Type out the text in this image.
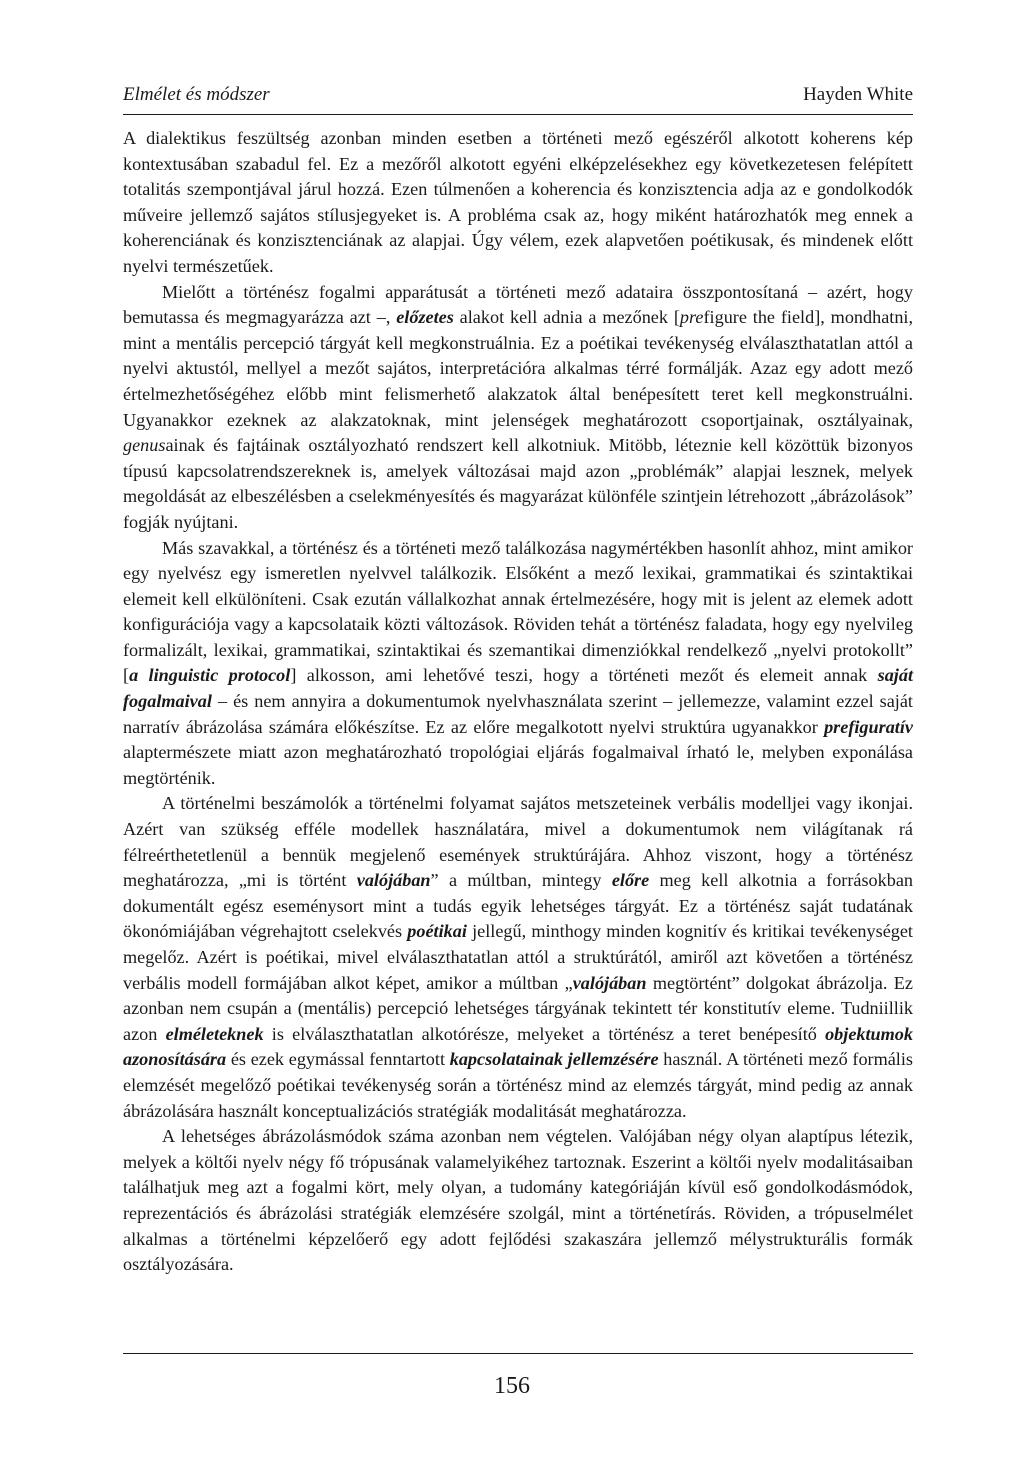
Elmélet és módszer	Hayden White

A dialektikus feszültség azonban minden esetben a történeti mező egészéről alkotott koherens kép kontextusában szabadul fel. Ez a mezőről alkotott egyéni elképzelésekhez egy következetesen felépített totalitás szempontjával járul hozzá. Ezen túlmenően a koherencia és konzisztencia adja az e gondolkodók műveire jellemző sajátos stílusjegyeket is. A probléma csak az, hogy miként határozhatók meg ennek a koherenciának és konzisztenciának az alapjai. Úgy vélem, ezek alapvetően poétikusak, és mindenek előtt nyelvi természetűek.

Mielőtt a történész fogalmi apparátusát a történeti mező adataira összpontosítaná – azért, hogy bemutassa és megmagyarázza azt –, előzetes alakot kell adnia a mezőnek [prefigure the field], mondhatni, mint a mentális percepció tárgyát kell megkonstruálnia. Ez a poétikai tevékenység elválaszthatatlan attól a nyelvi aktustól, mellyel a mezőt sajátos, interpretációra alkalmas térré formálják. Azaz egy adott mező értelmezhetőségéhez előbb mint felismerhető alakzatok által benépesített teret kell megkonstruálni. Ugyanakkor ezeknek az alakzatoknak, mint jelenségek meghatározott csoportjainak, osztályainak, genusainak és fajtáinak osztályozható rendszert kell alkotniuk. Mitöbb, léteznie kell közöttük bizonyos típusú kapcsolatrendszereknek is, amelyek változásai majd azon „problémák” alapjai lesznek, melyek megoldását az elbeszélésben a cselekményesítés és magyarázat különféle szintjein létrehozott „ábrázolások” fogják nyújtani.

Más szavakkal, a történész és a történeti mező találkozása nagymértékben hasonlít ahhoz, mint amikor egy nyelvész egy ismeretlen nyelvvel találkozik. Elsőként a mező lexikai, grammatikai és szintaktikai elemeit kell elkülöníteni. Csak ezután vállalkozhat annak értelmezésére, hogy mit is jelent az elemek adott konfigurációja vagy a kapcsolataik közti változások. Röviden tehát a történész faladata, hogy egy nyelvileg formalizált, lexikai, grammatikai, szintaktikai és szemantikai dimenziókkal rendelkező „nyelvi protokollt” [a linguistic protocol] alkosson, ami lehetővé teszi, hogy a történeti mezőt és elemeit annak saját fogalmaival – és nem annyira a dokumentumok nyelvhasználata szerint – jellemezze, valamint ezzel saját narratív ábrázolása számára előkészítse. Ez az előre megalkotott nyelvi struktúra ugyanakkor prefiguratív alaptermészete miatt azon meghatározható tropológiai eljárás fogalmaival írható le, melyben exponálása megtörténik.

A történelmi beszámolók a történelmi folyamat sajátos metszeteinek verbális modelljei vagy ikonjai. Azért van szükség efféle modellek használatára, mivel a dokumentumok nem világítanak rá félreérthetetlenül a bennük megjelenő események struktúrájára. Ahhoz viszont, hogy a történész meghatározza, „mi is történt valójában” a múltban, mintegy előre meg kell alkotnia a forrásokban dokumentált egész eseménysort mint a tudás egyik lehetséges tárgyát. Ez a történész saját tudatának ökonómiájában végrehajtott cselekvés poétikai jellegű, minthogy minden kognitív és kritikai tevékenységet megelőz. Azért is poétikai, mivel elválaszthatatlan attól a struktúrától, amiről azt követően a történész verbális modell formájában alkot képet, amikor a múltban „valójában megtörtént” dolgokat ábrázolja. Ez azonban nem csupán a (mentális) percepció lehetséges tárgyának tekintett tér konstitutív eleme. Tudniillik azon elméleteknek is elválaszthatatlan alkotórésze, melyeket a történész a teret benépesítő objektumok azonosítására és ezek egymással fenntartott kapcsolatainak jellemzésére használ. A történeti mező formális elemzését megelőző poétikai tevékenység során a történész mind az elemzés tárgyát, mind pedig az annak ábrázolására használt konceptualizációs stratégiák modalitását meghatározza.

A lehetséges ábrázolásmódok száma azonban nem végtelen. Valójában négy olyan alaptípus létezik, melyek a költői nyelv négy fő trópusának valamelyikéhez tartoznak. Eszerint a költői nyelv modalitásaiban találhatjuk meg azt a fogalmi kört, mely olyan, a tudomány kategóriáján kívül eső gondolkodásmódok, reprezentációs és ábrázolási stratégiák elemzésére szolgál, mint a történetírás. Röviden, a trópuselmélet alkalmas a történelmi képzelőerő egy adott fejlődési szakaszára jellemző mélystrukturális formák osztályozására.

156
